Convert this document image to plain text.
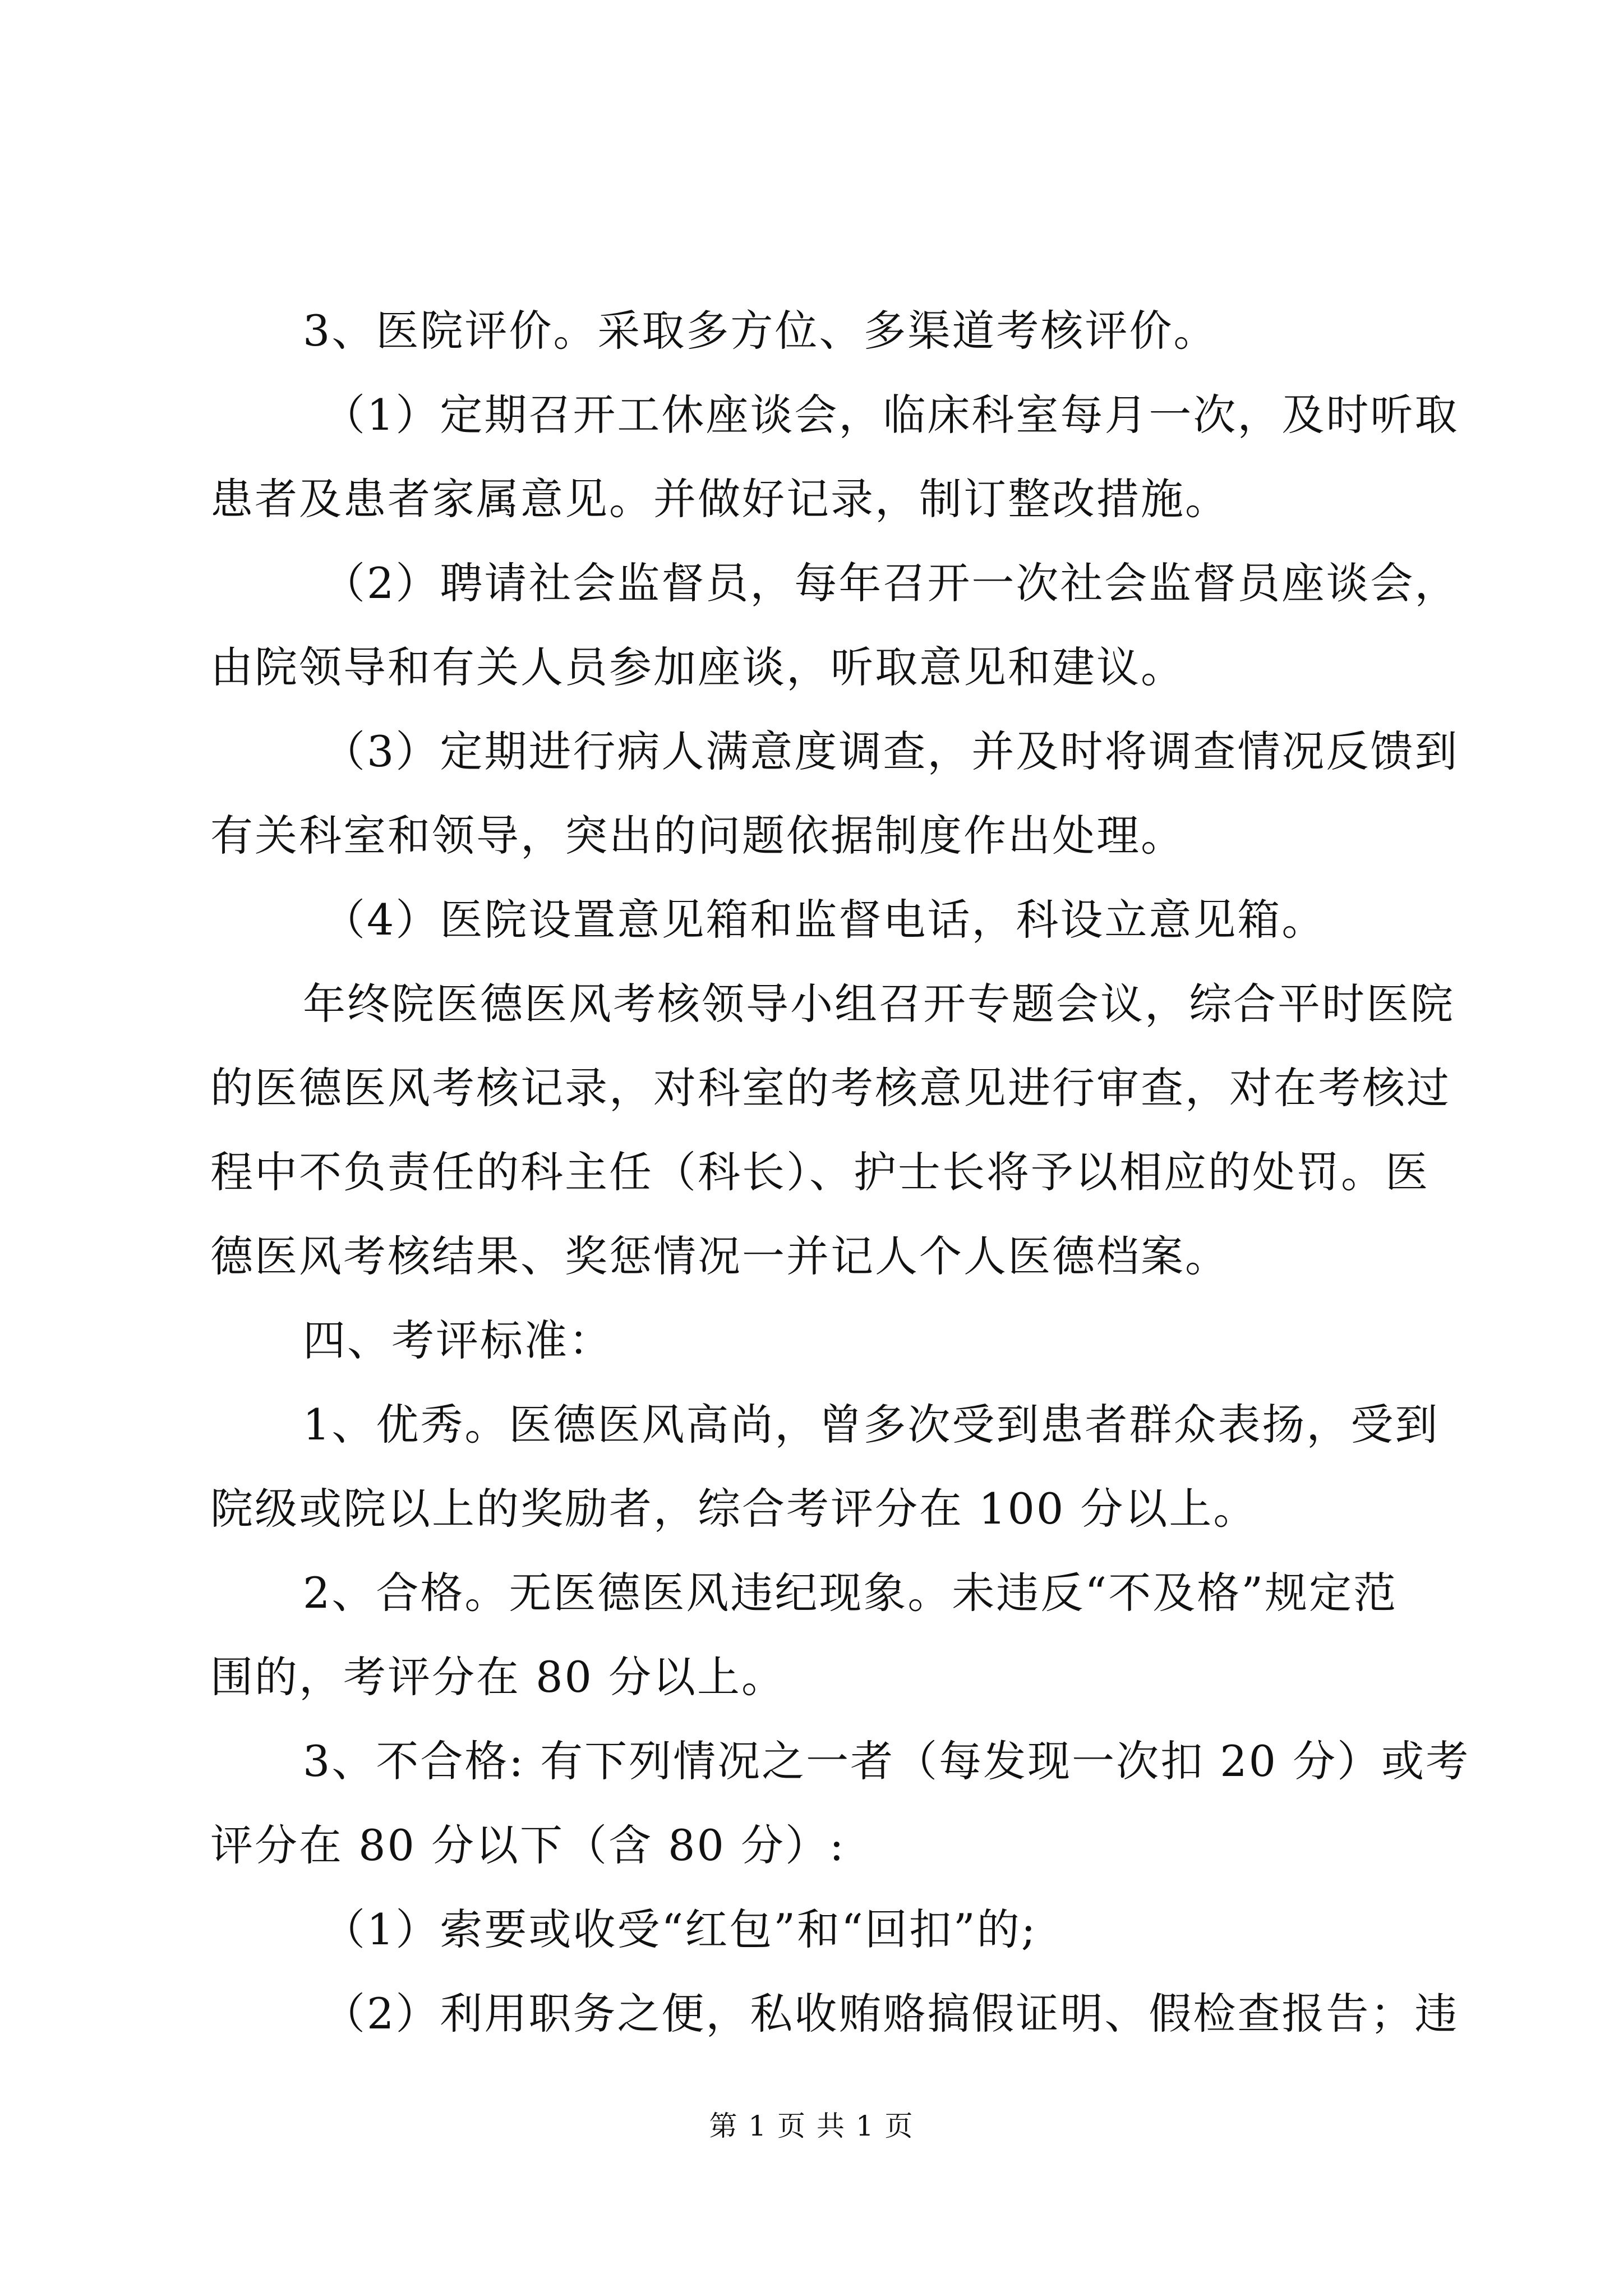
3、医院评价。采取多方位、多渠道考核评价。
（1）定期召开工休座谈会，临床科室每月一次，及时听取
患者及患者家属意见。并做好记录，制订整改措施。
（2）聘请社会监督员，每年召开一次社会监督员座谈会，
由院领导和有关人员参加座谈，听取意见和建议。
（3）定期进行病人满意度调查，并及时将调查情况反馈到
有关科室和领导，突出的问题依据制度作出处理。
（4）医院设置意见箱和监督电话，科设立意见箱。
年终院医德医风考核领导小组召开专题会议，综合平时医院
的医德医风考核记录，对科室的考核意见进行审查，对在考核过
程中不负责任的科主任（科长）、护士长将予以相应的处罚。医
德医风考核结果、奖惩情况一并记人个人医德档案。
四、考评标准：
1、优秀。医德医风高尚，曾多次受到患者群众表扬，受到
院级或院以上的奖励者，综合考评分在 100 分以上。
2、合格。无医德医风违纪现象。未违反“不及格”规定范
围的，考评分在 80 分以上。
3、不合格: 有下列情况之一者（每发现一次扣 20 分）或考
评分在 80 分以下（含 80 分）:
（1）索要或收受“红包”和“回扣”的;
（2）利用职务之便，私收贿赂搞假证明、假检查报告；违
第 1 页 共 1 页
